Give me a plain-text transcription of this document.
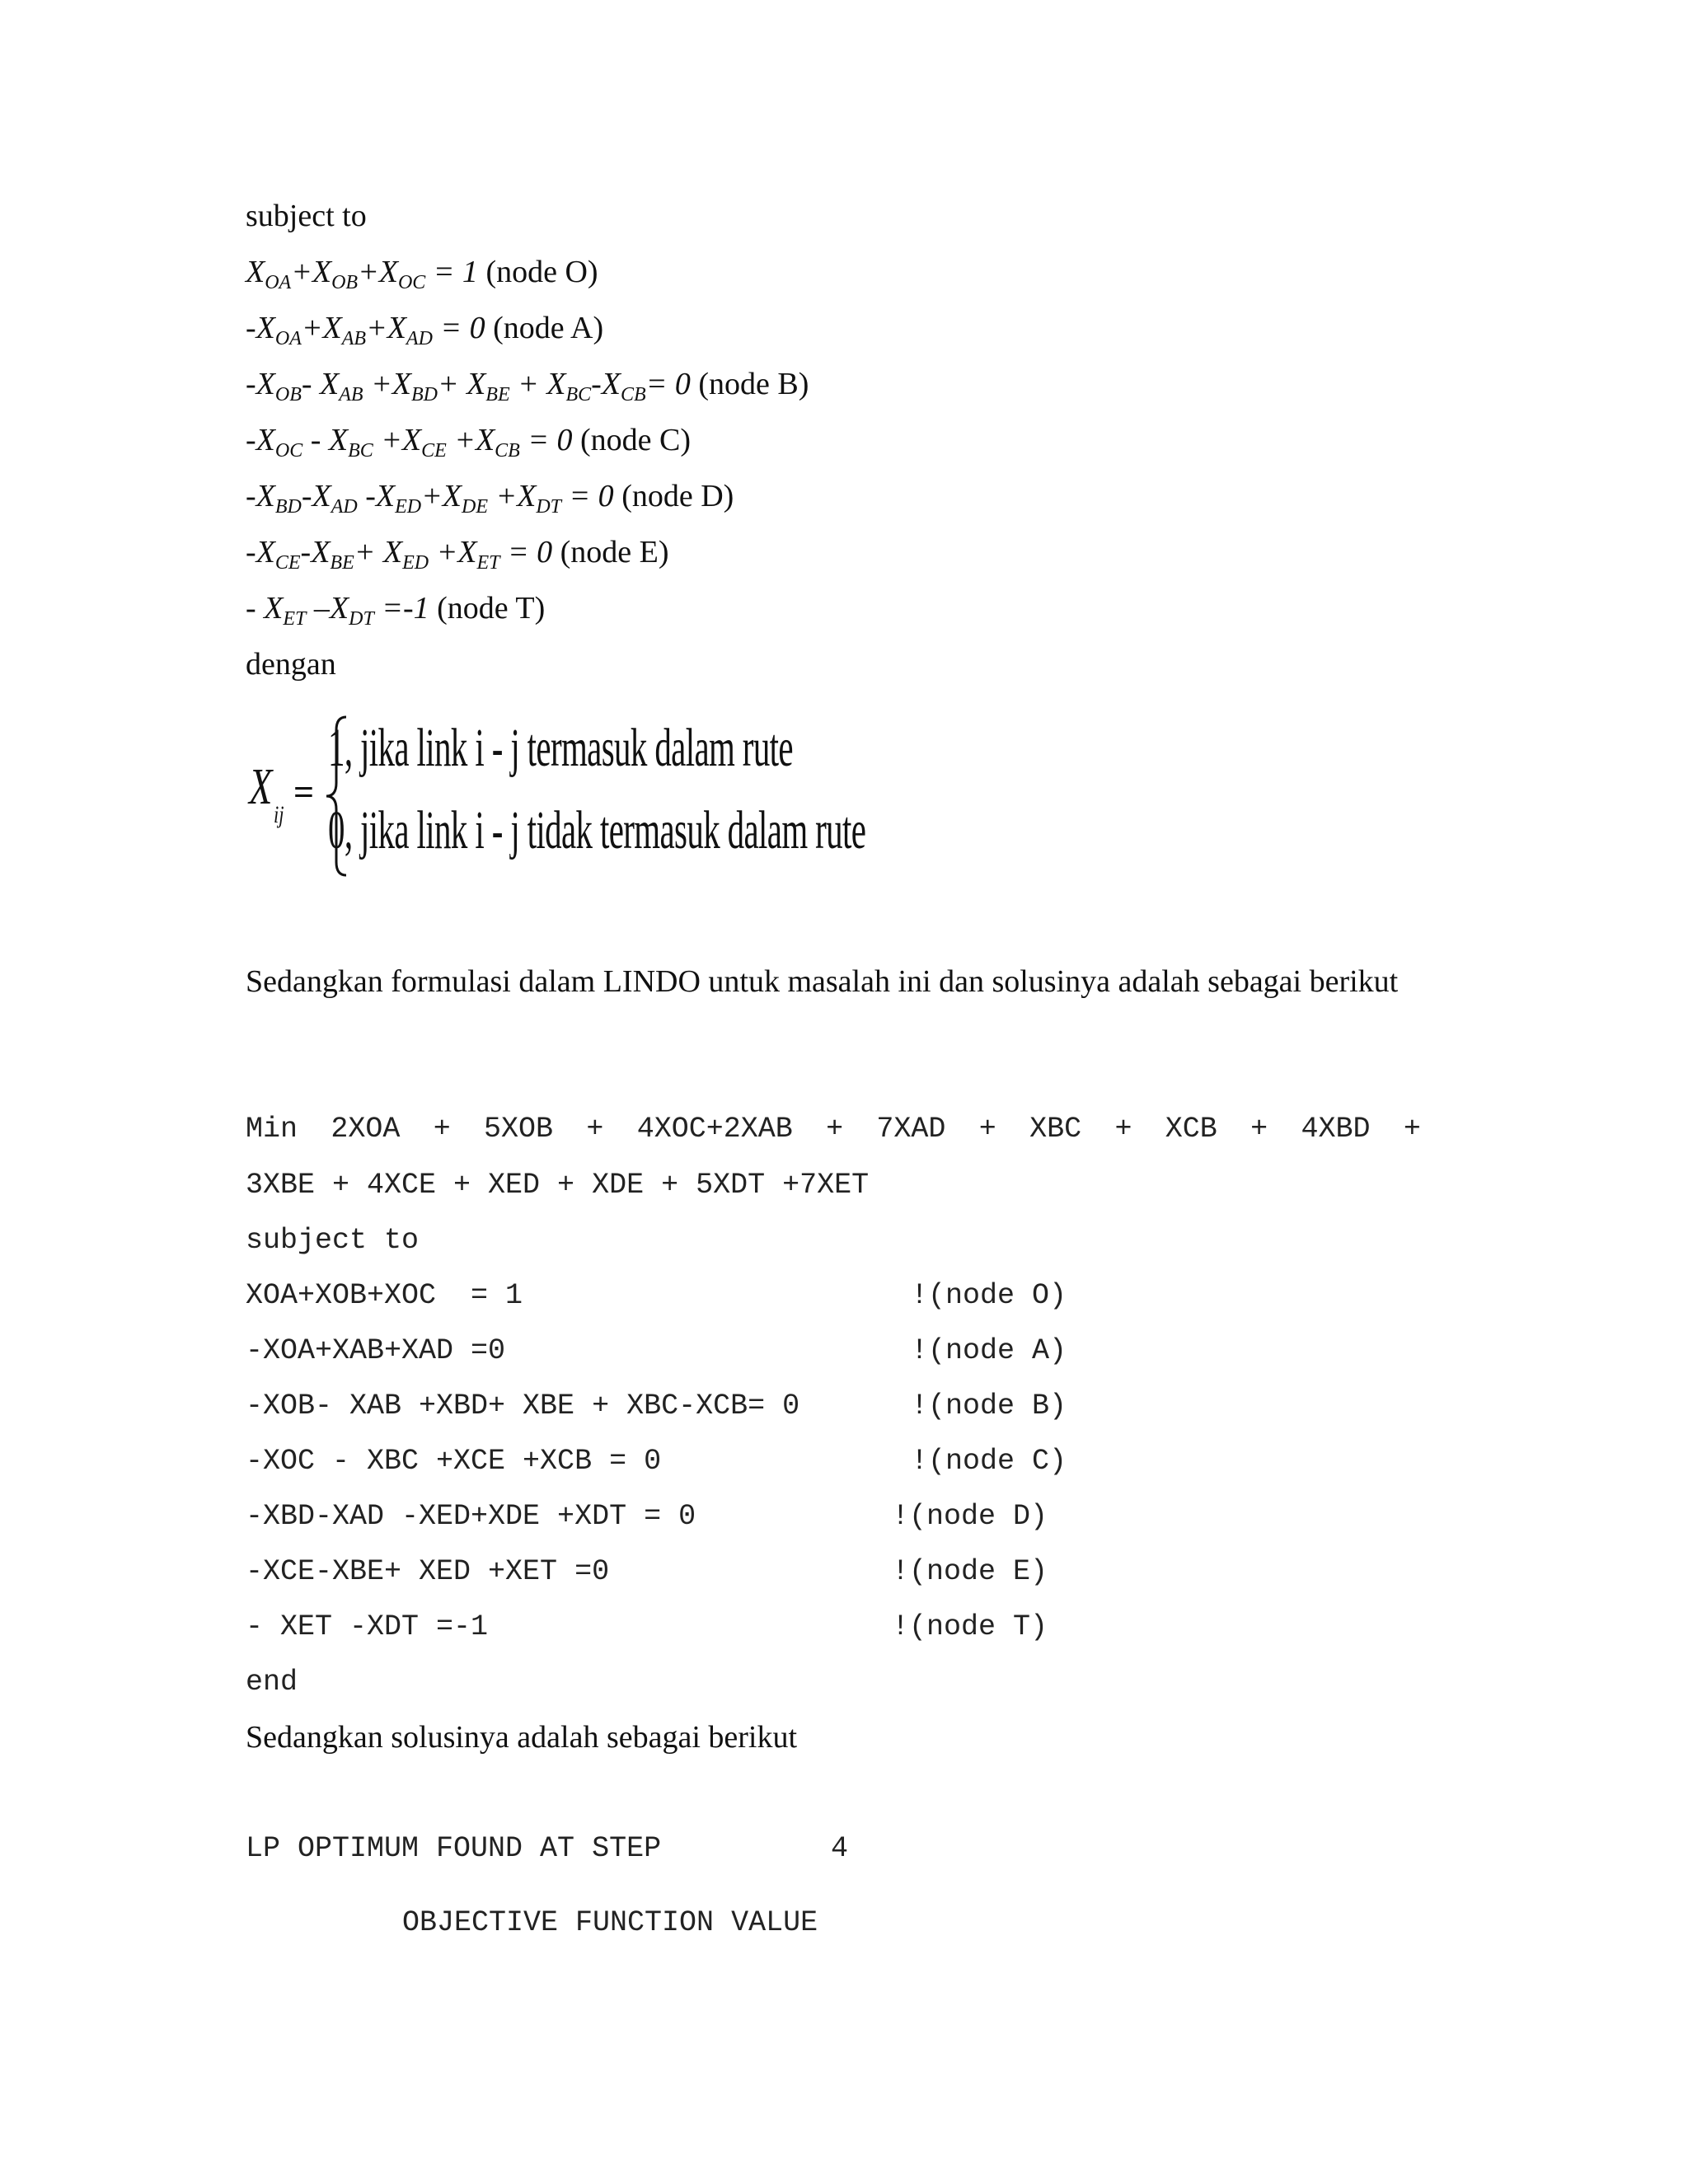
subject to
$X_{OA}+X_{OB}+X_{OC} = 1$ (node O)
$-X_{OA}+X_{AB}+X_{AD} = 0$ (node A)
$-X_{OB}-$ $X_{AB} +X_{BD}+ X_{BE} + X_{BC}-X_{CB}= 0$ (node B)
$-X_{OC} - X_{BC} +X_{CE} +X_{CB} = 0$ (node C)
$-X_{BD}-X_{AD}$ $-X_{ED}+X_{DE} +X_{DT} = 0$ (node D)
$-X_{CE}-X_{BE}+ X_{ED} +X_{ET} = 0$ (node E)
- $X_{ET}$ $-X_{DT} =-1$ (node T)
dengan
X ij
=
1, jika link i - j termasuk dalam rute
0, jika link i - j tidak termasuk dalam rute
Sedangkan formulasi dalam LINDO untuk masalah ini dan solusinya adalah sebagai berikut
Min 2XOA + 5XOB + 4XOC+2XAB + 7XAD + XBC + XCB + 4XBD +
3XBE + 4XCE + XED + XDE + 5XDT +7XET
subject to
XOA+XOB+XOC  = 1	!(node O)
-XOA+XAB+XAD =0	!(node A)
-XOB- XAB +XBD+ XBE + XBC-XCB= 0	!(node B)
-XOC - XBC +XCE +XCB = 0	!(node C)
-XBD-XAD -XED+XDE +XDT = 0	!(node D)
-XCE-XBE+ XED +XET =0	!(node E)
- XET -XDT =-1	!(node T)
end
Sedangkan solusinya adalah sebagai berikut
LP OPTIMUM FOUND AT STEP	4
OBJECTIVE FUNCTION VALUE
